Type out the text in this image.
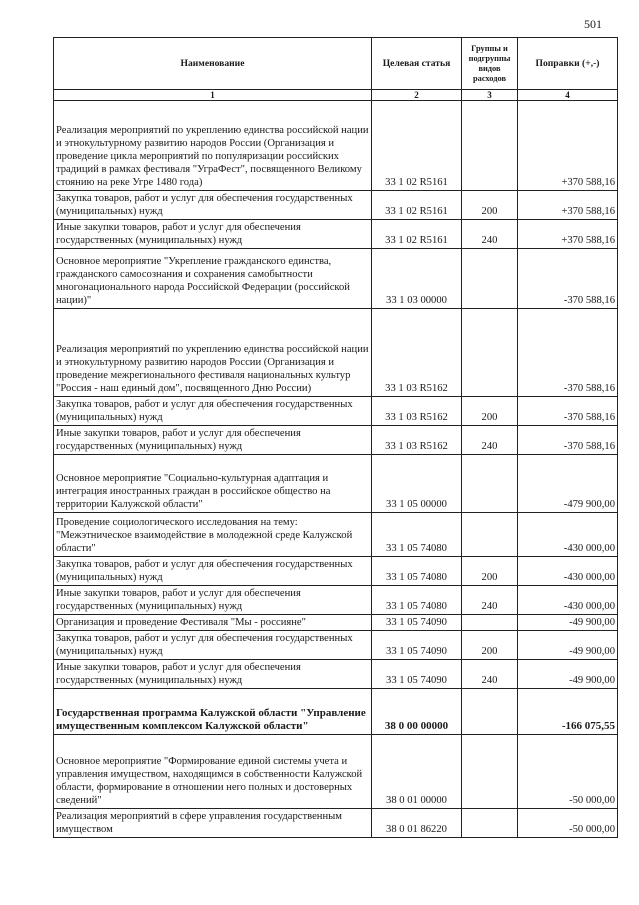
501
Наименование	Целевая статья	Группы и подгруппы видов расходов	Поправки (+,-)
1	2	3	4
Реализация мероприятий по укреплению единства российской нации и этнокультурному развитию народов России (Организация и проведение цикла мероприятий по популяризации российских традиций в рамках фестиваля "УграФест", посвященного Великому стоянию на реке Угре 1480 года)	33 1 02 R5161		+370 588,16
Закупка товаров, работ и услуг для обеспечения государственных (муниципальных) нужд	33 1 02 R5161	200	+370 588,16
Иные закупки товаров, работ и услуг для обеспечения государственных (муниципальных) нужд	33 1 02 R5161	240	+370 588,16
Основное мероприятие "Укрепление гражданского единства, гражданского самосознания и сохранения самобытности многонационального народа Российской Федерации (российской нации)"	33 1 03 00000		-370 588,16
Реализация мероприятий по укреплению единства российской нации и этнокультурному развитию народов России (Организация и проведение межрегионального фестиваля национальных культур "Россия - наш единый дом", посвященного Дню России)	33 1 03 R5162		-370 588,16
Закупка товаров, работ и услуг для обеспечения государственных (муниципальных) нужд	33 1 03 R5162	200	-370 588,16
Иные закупки товаров, работ и услуг для обеспечения государственных (муниципальных) нужд	33 1 03 R5162	240	-370 588,16
Основное мероприятие "Социально-культурная адаптация и интеграция иностранных граждан в российское общество на территории Калужской области"	33 1 05 00000		-479 900,00
Проведение социологического исследования на тему: "Межэтническое взаимодействие в молодежной среде Калужской области"	33 1 05 74080		-430 000,00
Закупка товаров, работ и услуг для обеспечения государственных (муниципальных) нужд	33 1 05 74080	200	-430 000,00
Иные закупки товаров, работ и услуг для обеспечения государственных (муниципальных) нужд	33 1 05 74080	240	-430 000,00
Организация и проведение Фестиваля "Мы - россияне"	33 1 05 74090		-49 900,00
Закупка товаров, работ и услуг для обеспечения государственных (муниципальных) нужд	33 1 05 74090	200	-49 900,00
Иные закупки товаров, работ и услуг для обеспечения государственных (муниципальных) нужд	33 1 05 74090	240	-49 900,00
Государственная программа Калужской области "Управление имущественным комплексом Калужской области"	38 0 00 00000		-166 075,55
Основное мероприятие "Формирование единой системы учета и управления имуществом, находящимся в собственности Калужской области, формирование в отношении него полных и достоверных сведений"	38 0 01 00000		-50 000,00
Реализация мероприятий в сфере управления государственным имуществом	38 0 01 86220		-50 000,00
